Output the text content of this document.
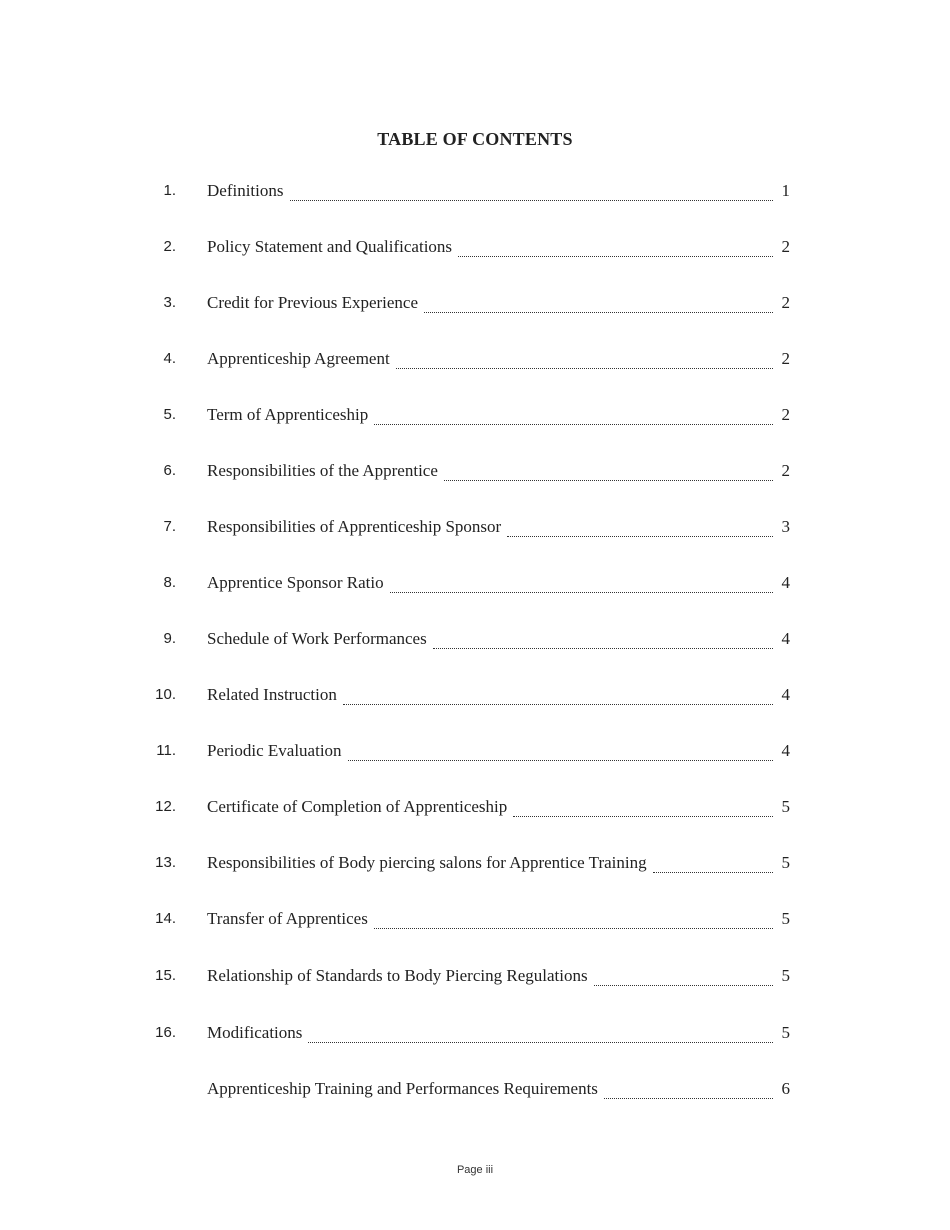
TABLE OF CONTENTS
1. Definitions	1
2. Policy Statement and Qualifications	2
3. Credit for Previous Experience	2
4. Apprenticeship Agreement	2
5. Term of Apprenticeship	2
6. Responsibilities of the Apprentice	2
7. Responsibilities of Apprenticeship Sponsor	3
8. Apprentice Sponsor Ratio	4
9. Schedule of Work Performances	4
10. Related Instruction	4
11. Periodic Evaluation	4
12. Certificate of Completion of Apprenticeship	5
13. Responsibilities of Body piercing salons for Apprentice Training	5
14. Transfer of Apprentices	5
15. Relationship of Standards to Body Piercing Regulations	5
16. Modifications	5
Apprenticeship Training and Performances Requirements	6
Page iii
